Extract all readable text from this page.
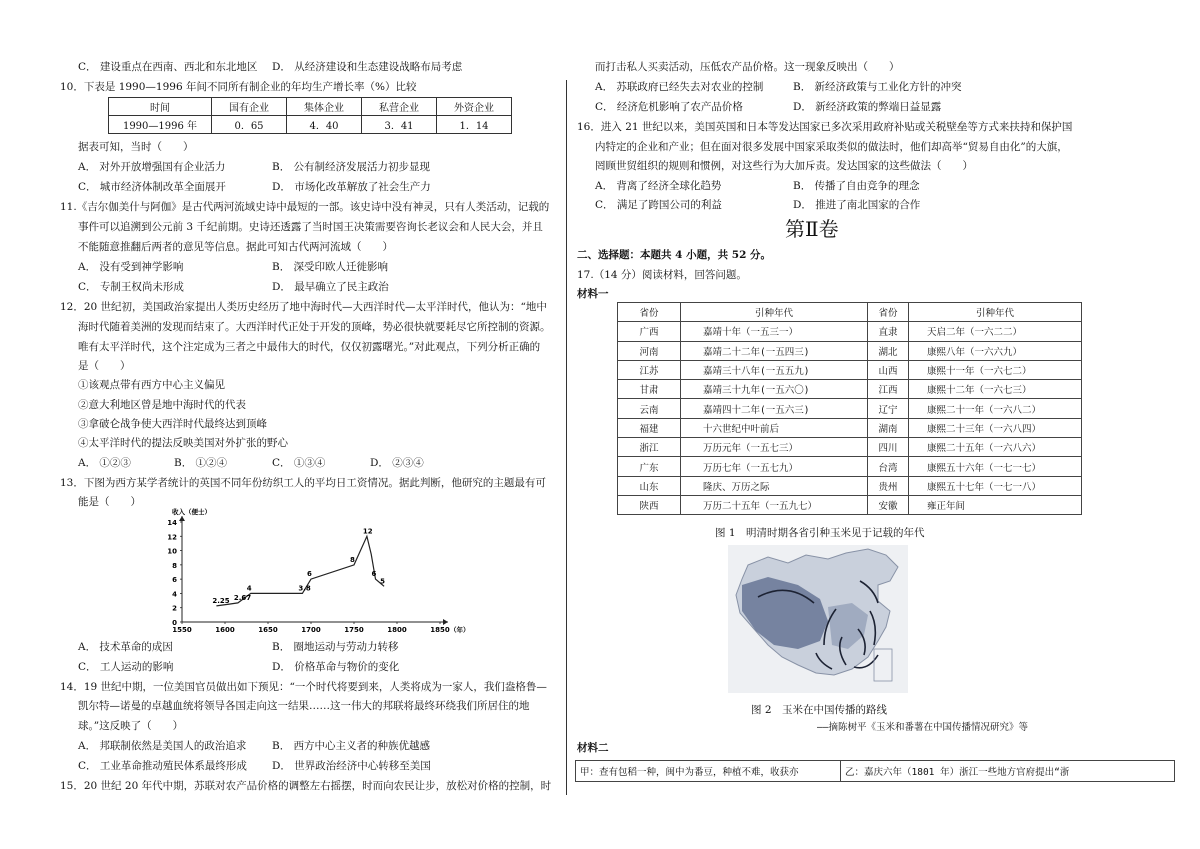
C． 建设重点在西南、西北和东北地区 D． 从经济建设和生态建设战略布局考虑
10．下表是 1990—1996 年间不同所有制企业的年均生产增长率（%）比较
时间	国有企业	集体企业	私营企业	外资企业
1990—1996 年	0．65	4．40	3．41	1．14
据表可知，当时（　　）
A． 对外开放增强国有企业活力	B． 公有制经济发展活力初步显现
C． 城市经济体制改革全面展开	D． 市场化改革解放了社会生产力
11.《吉尔伽美什与阿伽》是古代两河流域史诗中最短的一部。该史诗中没有神灵，只有人类活动，记载的
事件可以追溯到公元前 3 千纪前期。史诗还透露了当时国王决策需要咨询长老议会和人民大会，并且
不能随意推翻后两者的意见等信息。据此可知古代两河流域（　　）
A． 没有受到神学影响	B． 深受印欧人迁徙影响
C． 专制王权尚未形成	D． 最早确立了民主政治
12．20 世纪初，美国政治家提出人类历史经历了地中海时代—大西洋时代—太平洋时代，他认为：“地中
海时代随着美洲的发现而结束了。大西洋时代正处于开发的顶峰，势必很快就要耗尽它所控制的资源。
唯有太平洋时代，这个注定成为三者之中最伟大的时代，仅仅初露曙光。”对此观点，下列分析正确的
是（　　）
①该观点带有西方中心主义偏见
②意大利地区曾是地中海时代的代表
③拿破仑战争使大西洋时代最终达到顶峰
④太平洋时代的提法反映美国对外扩张的野心
A． ①②③	B． ①②④	C． ①③④	D． ②③④
13．下图为西方某学者统计的英国不同年份纺织工人的平均日工资情况。据此判断，他研究的主题最有可
能是（　　）
0
2
4
6
8
10
12
14
1550	1600	1650	1700	1750	1800	1850
收入（便士）
（年）
2.25 2.67
4	3.8
6
8
12
6
5
A． 技术革命的成因	B． 圈地运动与劳动力转移
C． 工人运动的影响	D． 价格革命与物价的变化
14．19 世纪中期，一位美国官员做出如下预见：“一个时代将要到来，人类将成为一家人，我们盎格鲁—
凯尔特—诺曼的卓越血统将领导各国走向这一结果……这一伟大的邦联将最终环绕我们所居住的地
球。”这反映了（　　）
A． 邦联制依然是美国人的政治追求 B． 西方中心主义者的种族优越感
C． 工业革命推动殖民体系最终形成 D． 世界政治经济中心转移至美国
15．20 世纪 20 年代中期，苏联对农产品价格的调整左右摇摆，时而向农民让步，放松对价格的控制，时
而打击私人买卖活动，压低农产品价格。这一现象反映出（　　）
A． 苏联政府已经失去对农业的控制	B． 新经济政策与工业化方针的冲突
C． 经济危机影响了农产品价格	D． 新经济政策的弊端日益显露
16．进入 21 世纪以来，美国英国和日本等发达国家已多次采用政府补贴或关税壁垒等方式来扶持和保护国
内特定的企业和产业；但在面对很多发展中国家采取类似的做法时，他们却高举“贸易自由化”的大旗，
罔顾世贸组织的规则和惯例，对这些行为大加斥责。发达国家的这些做法（　　）
A． 背离了经济全球化趋势	B． 传播了自由竞争的理念
C． 满足了跨国公司的利益	D． 推进了南北国家的合作
第Ⅱ卷
二、选择题：本题共 4 小题，共 52 分。
17.（14 分）阅读材料，回答问题。
材料一
省份	引种年代	省份	引种年代
广西	嘉靖十年（一五三一）	直隶	天启二年（一六二二）
河南	嘉靖二十二年(一五四三)	湖北	康熙八年（一六六九）
江苏	嘉靖三十八年(一五五九)	山西	康熙十一年（一六七二）
甘肃	嘉靖三十九年(一五六〇)	江西	康熙十二年（一六七三）
云南	嘉靖四十二年(一五六三)	辽宁	康熙二十一年（一六八二）
福建	十六世纪中叶前后	湖南	康熙二十三年（一六八四）
浙江	万历元年（一五七三）	四川	康熙二十五年（一六八六）
广东	万历七年（一五七九）	台湾	康熙五十六年（一七一七）
山东	隆庆、万历之际	贵州	康熙五十七年（一七一八）
陕西	万历二十五年（一五九七）	安徽	雍正年间
图 1　明清时期各省引种玉米见于记载的年代
图 2　玉米在中国传播的路线
——摘陈树平《玉米和番薯在中国传播情况研究》等
材料二
甲：查有包稻一种，闽中为番豆，种植不难，收获亦	乙：嘉庆六年（1801 年）浙江一些地方官府提出“浙
